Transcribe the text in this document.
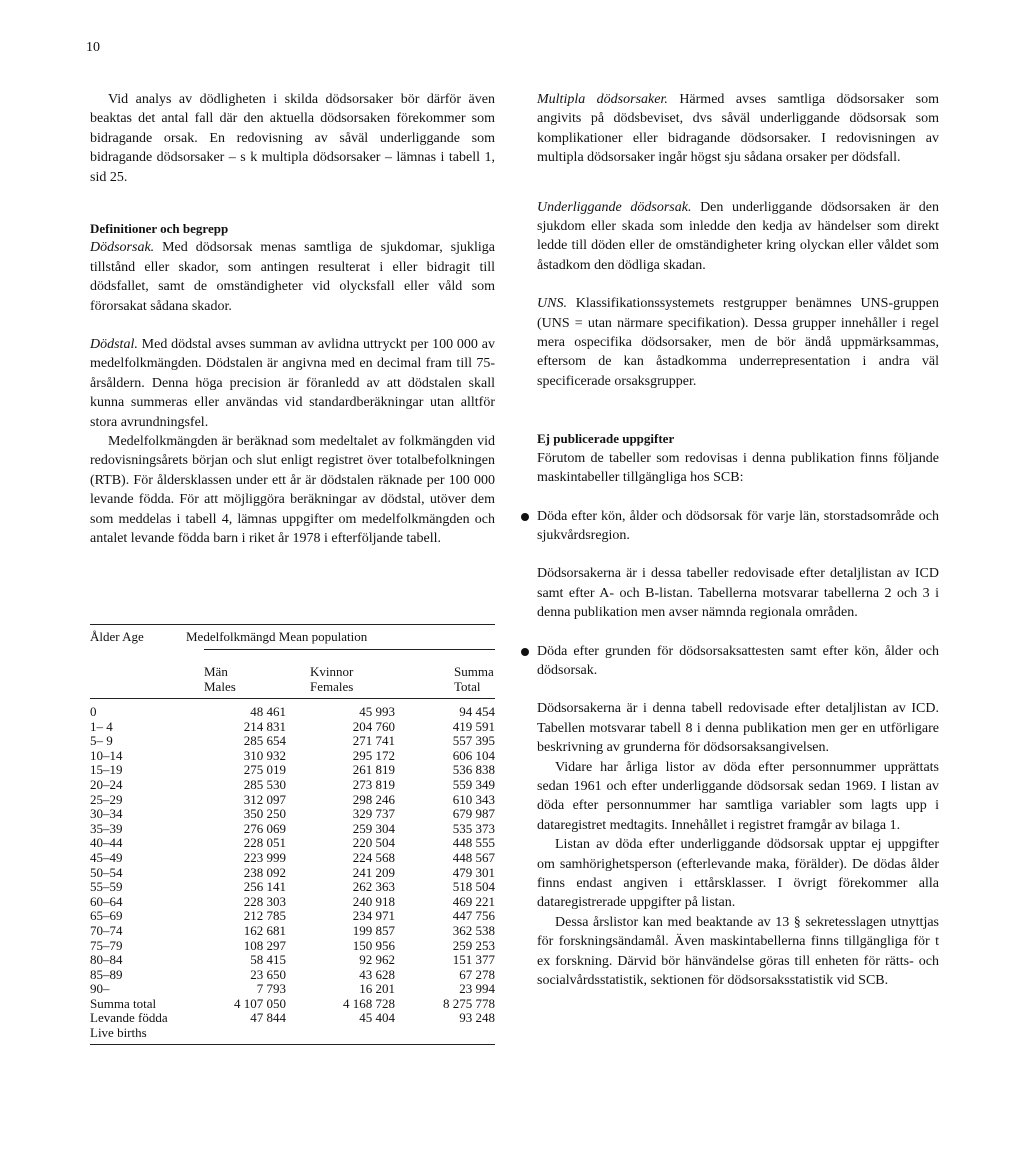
10

Vid analys av dödligheten i skilda dödsorsaker bör därför även beaktas det antal fall där den aktuella dödsorsaken förekommer som bidragande orsak. En redovisning av såväl underliggande som bidragande dödsorsaker – s k multipla dödsorsaker – lämnas i tabell 1, sid 25.

Definitioner och begrepp

Dödsorsak. Med dödsorsak menas samtliga de sjukdomar, sjukliga tillstånd eller skador, som antingen resulterat i eller bidragit till dödsfallet, samt de omständigheter vid olycksfall eller våld som förorsakat sådana skador.

Dödstal. Med dödstal avses summan av avlidna uttryckt per 100 000 av medelfolkmängden. Dödstalen är angivna med en decimal fram till 75-årsåldern. Denna höga precision är föranledd av att dödstalen skall kunna summeras eller användas vid standardberäkningar utan alltför stora avrundningsfel.

Medelfolkmängden är beräknad som medeltalet av folkmängden vid redovisningsårets början och slut enligt registret över totalbefolkningen (RTB). För åldersklassen under ett år är dödstalen räknade per 100 000 levande födda. För att möjliggöra beräkningar av dödstal, utöver dem som meddelas i tabell 4, lämnas uppgifter om medelfolkmängden och antalet levande födda barn i riket år 1978 i efterföljande tabell.

Ålder Age	Medelfolkmängd Mean population
	Män	Kvinnor	Summa
	Males	Females	Total
0	48 461	45 993	94 454
1– 4	214 831	204 760	419 591
5– 9	285 654	271 741	557 395
10–14	310 932	295 172	606 104
15–19	275 019	261 819	536 838
20–24	285 530	273 819	559 349
25–29	312 097	298 246	610 343
30–34	350 250	329 737	679 987
35–39	276 069	259 304	535 373
40–44	228 051	220 504	448 555
45–49	223 999	224 568	448 567
50–54	238 092	241 209	479 301
55–59	256 141	262 363	518 504
60–64	228 303	240 918	469 221
65–69	212 785	234 971	447 756
70–74	162 681	199 857	362 538
75–79	108 297	150 956	259 253
80–84	58 415	92 962	151 377
85–89	23 650	43 628	67 278
90–	7 793	16 201	23 994
Summa total	4 107 050	4 168 728	8 275 778
Levande födda	47 844	45 404	93 248
Live births

Multipla dödsorsaker. Härmed avses samtliga dödsorsaker som angivits på dödsbeviset, dvs såväl underliggande dödsorsak som komplikationer eller bidragande dödsorsaker. I redovisningen av multipla dödsorsaker ingår högst sju sådana orsaker per dödsfall.

Underliggande dödsorsak. Den underliggande dödsorsaken är den sjukdom eller skada som inledde den kedja av händelser som direkt ledde till döden eller de omständigheter kring olyckan eller våldet som åstadkom den dödliga skadan.

UNS. Klassifikationssystemets restgrupper benämnes UNS-gruppen (UNS = utan närmare specifikation). Dessa grupper innehåller i regel mera ospecifika dödsorsaker, men de bör ändå uppmärksammas, eftersom de kan åstadkomma underrepresentation i andra väl specificerade orsaksgrupper.

Ej publicerade uppgifter

Förutom de tabeller som redovisas i denna publikation finns följande maskintabeller tillgängliga hos SCB:

Döda efter kön, ålder och dödsorsak för varje län, storstadsområde och sjukvårdsregion.

Dödsorsakerna är i dessa tabeller redovisade efter detaljlistan av ICD samt efter A- och B-listan. Tabellerna motsvarar tabellerna 2 och 3 i denna publikation men avser nämnda regionala områden.

Döda efter grunden för dödsorsaksattesten samt efter kön, ålder och dödsorsak.

Dödsorsakerna är i denna tabell redovisade efter detaljlistan av ICD. Tabellen motsvarar tabell 8 i denna publikation men ger en utförligare beskrivning av grunderna för dödsorsaksangivelsen.

Vidare har årliga listor av döda efter personnummer upprättats sedan 1961 och efter underliggande dödsorsak sedan 1969. I listan av döda efter personnummer har samtliga variabler som lagts upp i dataregistret medtagits. Innehållet i registret framgår av bilaga 1.

Listan av döda efter underliggande dödsorsak upptar ej uppgifter om samhörighetsperson (efterlevande maka, förälder). De dödas ålder finns endast angiven i ettårsklasser. I övrigt förekommer alla dataregistrerade uppgifter på listan.

Dessa årslistor kan med beaktande av 13 § sekretesslagen utnyttjas för forskningsändamål. Även maskintabellerna finns tillgängliga för t ex forskning. Därvid bör hänvändelse göras till enheten för rätts- och socialvårdsstatistik, sektionen för dödsorsaksstatistik vid SCB.
